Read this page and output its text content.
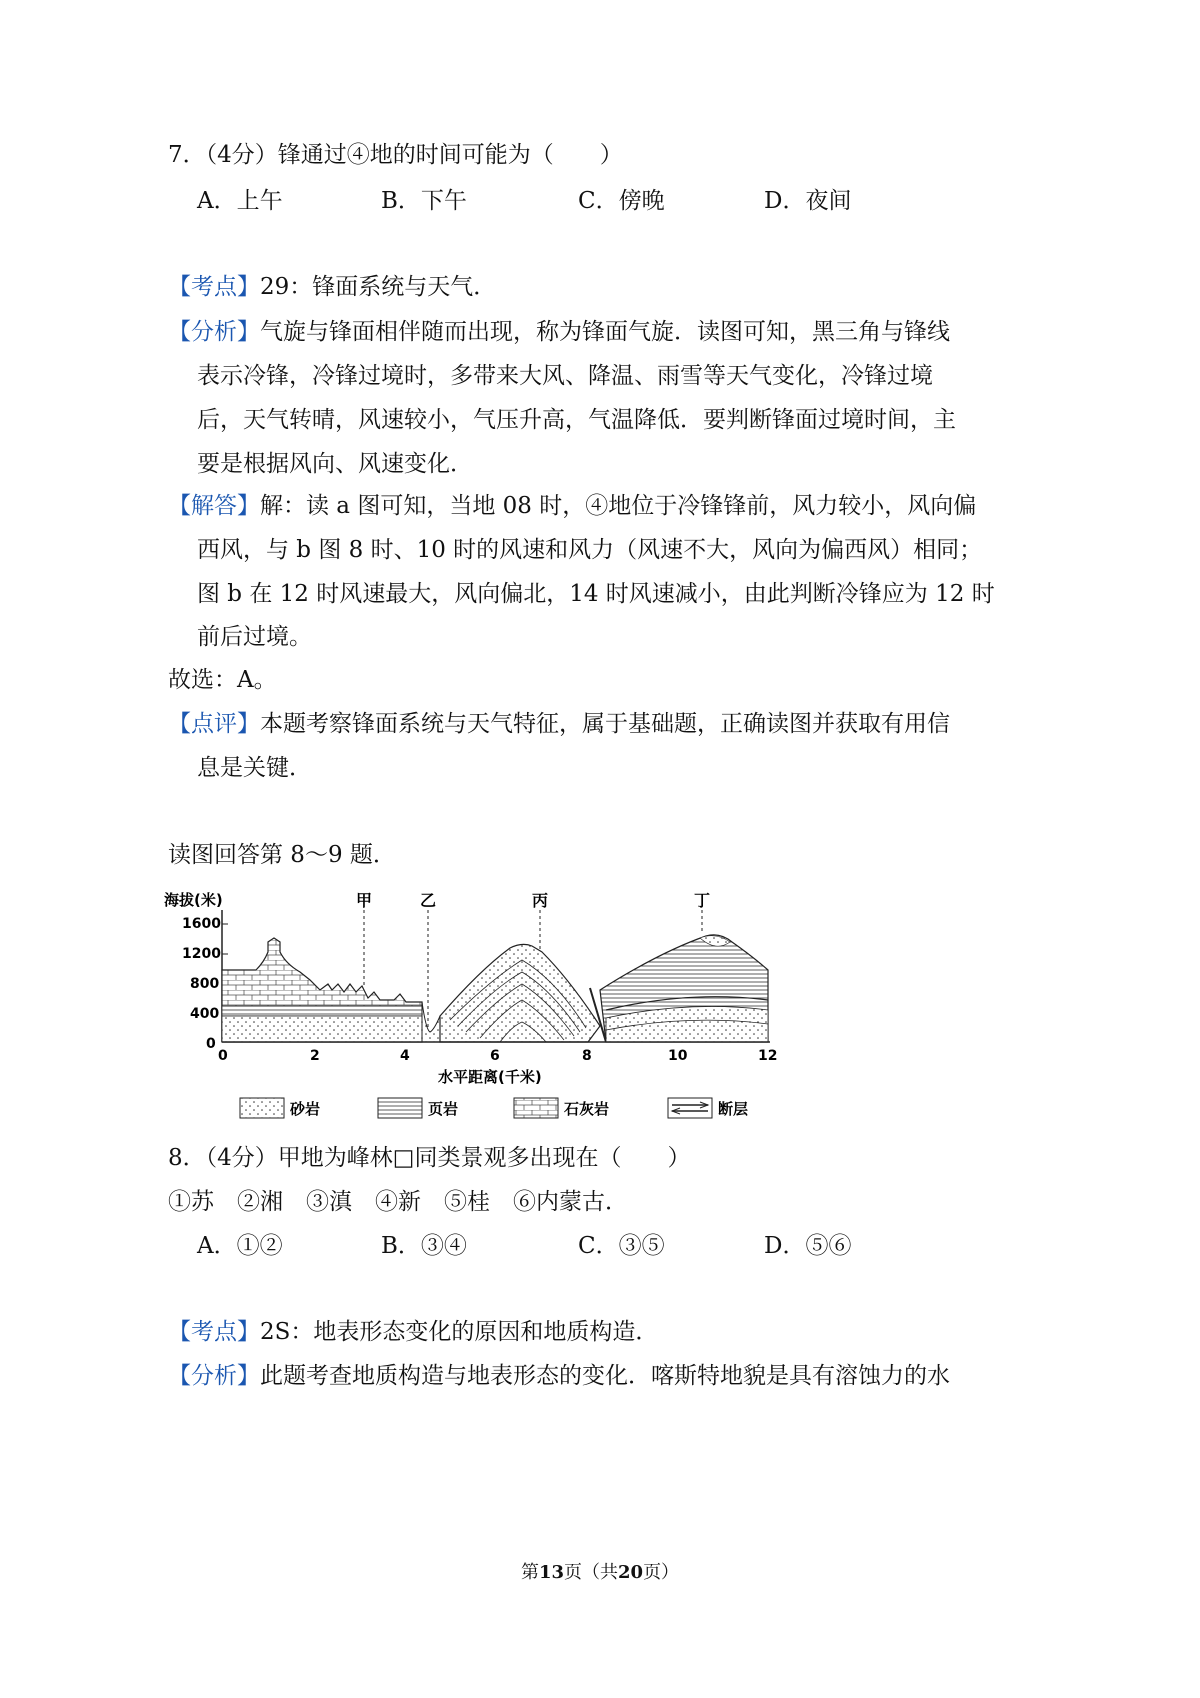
7．（4分）锋通过④地的时间可能为（　　）
A．上午	B．下午	C．傍晚	D．夜间
【考点】29：锋面系统与天气．
【分析】气旋与锋面相伴随而出现，称为锋面气旋．读图可知，黑三角与锋线
表示冷锋，冷锋过境时，多带来大风、降温、雨雪等天气变化，冷锋过境
后，天气转晴，风速较小，气压升高，气温降低．要判断锋面过境时间，主
要是根据风向、风速变化．
【解答】解：读 a 图可知，当地 08 时，④地位于冷锋锋前，风力较小，风向偏
西风，与 b 图 8 时、10 时的风速和风力（风速不大，风向为偏西风）相同；
图 b 在 12 时风速最大，风向偏北，14 时风速减小，由此判断冷锋应为 12 时
前后过境。
故选：A。
【点评】本题考察锋面系统与天气特征，属于基础题，正确读图并获取有用信
息是关键．
读图回答第 8～9 题．
海拔(米)
1600
1200
800
400
0
甲	乙	丙	丁
0	2	4	6	8	10	12
水平距离(千米)
砂岩	页岩	石灰岩	断层
8．（4分）甲地为峰林□同类景观多出现在（　　）
①苏　②湘　③滇　④新　⑤桂　⑥内蒙古．
A．①②	B．③④	C．③⑤	D．⑤⑥
【考点】2S：地表形态变化的原因和地质构造．
【分析】此题考查地质构造与地表形态的变化．喀斯特地貌是具有溶蚀力的水
第13页（共20页）
